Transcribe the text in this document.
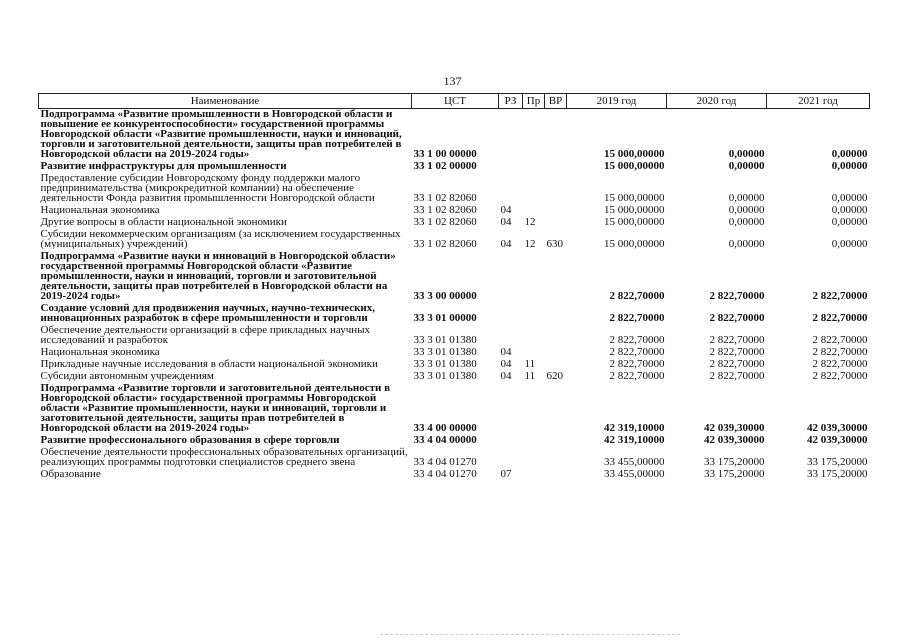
137
Наименование	ЦСТ	РЗ	Пр	ВР	2019 год	2020 год	2021 год
Подпрограмма «Развитие промышленности в Новгородской области и повышение ее конкурентоспособности» государственной программы Новгородской области «Развитие промышленности, науки и инноваций, торговли и заготовительной деятельности, защиты прав потребителей в Новгородской области на 2019-2024 годы»	33 1 00 00000				15 000,00000	0,00000	0,00000
Развитие инфраструктуры для промышленности	33 1 02 00000				15 000,00000	0,00000	0,00000
Предоставление субсидии Новгородскому фонду поддержки малого предпринимательства (микрокредитной компании) на обеспечение деятельности Фонда развития промышленности Новгородской области	33 1 02 82060				15 000,00000	0,00000	0,00000
Национальная экономика	33 1 02 82060	04			15 000,00000	0,00000	0,00000
Другие вопросы в области национальной экономики	33 1 02 82060	04	12		15 000,00000	0,00000	0,00000
Субсидии некоммерческим организациям (за исключением государственных (муниципальных) учреждений)	33 1 02 82060	04	12	630	15 000,00000	0,00000	0,00000
Подпрограмма «Развитие науки и инноваций в Новгородской области» государственной программы Новгородской области «Развитие промышленности, науки и инноваций, торговли и заготовительной деятельности, защиты прав потребителей в Новгородской области на 2019-2024 годы»	33 3 00 00000				2 822,70000	2 822,70000	2 822,70000
Создание условий для продвижения научных, научно-технических, инновационных разработок в сфере промышленности и торговли	33 3 01 00000				2 822,70000	2 822,70000	2 822,70000
Обеспечение деятельности организаций в сфере прикладных научных исследований и разработок	33 3 01 01380				2 822,70000	2 822,70000	2 822,70000
Национальная экономика	33 3 01 01380	04			2 822,70000	2 822,70000	2 822,70000
Прикладные научные исследования в области национальной экономики	33 3 01 01380	04	11		2 822,70000	2 822,70000	2 822,70000
Субсидии автономным учреждениям	33 3 01 01380	04	11	620	2 822,70000	2 822,70000	2 822,70000
Подпрограмма «Развитие торговли и заготовительной деятельности в Новгородской области» государственной программы Новгородской области «Развитие промышленности, науки и инноваций, торговли и заготовительной деятельности, защиты прав потребителей в Новгородской области на 2019-2024 годы»	33 4 00 00000				42 319,10000	42 039,30000	42 039,30000
Развитие профессионального образования в сфере торговли	33 4 04 00000				42 319,10000	42 039,30000	42 039,30000
Обеспечение деятельности профессиональных образовательных организаций, реализующих программы подготовки специалистов среднего звена	33 4 04 01270				33 455,00000	33 175,20000	33 175,20000
Образование	33 4 04 01270	07			33 455,00000	33 175,20000	33 175,20000
